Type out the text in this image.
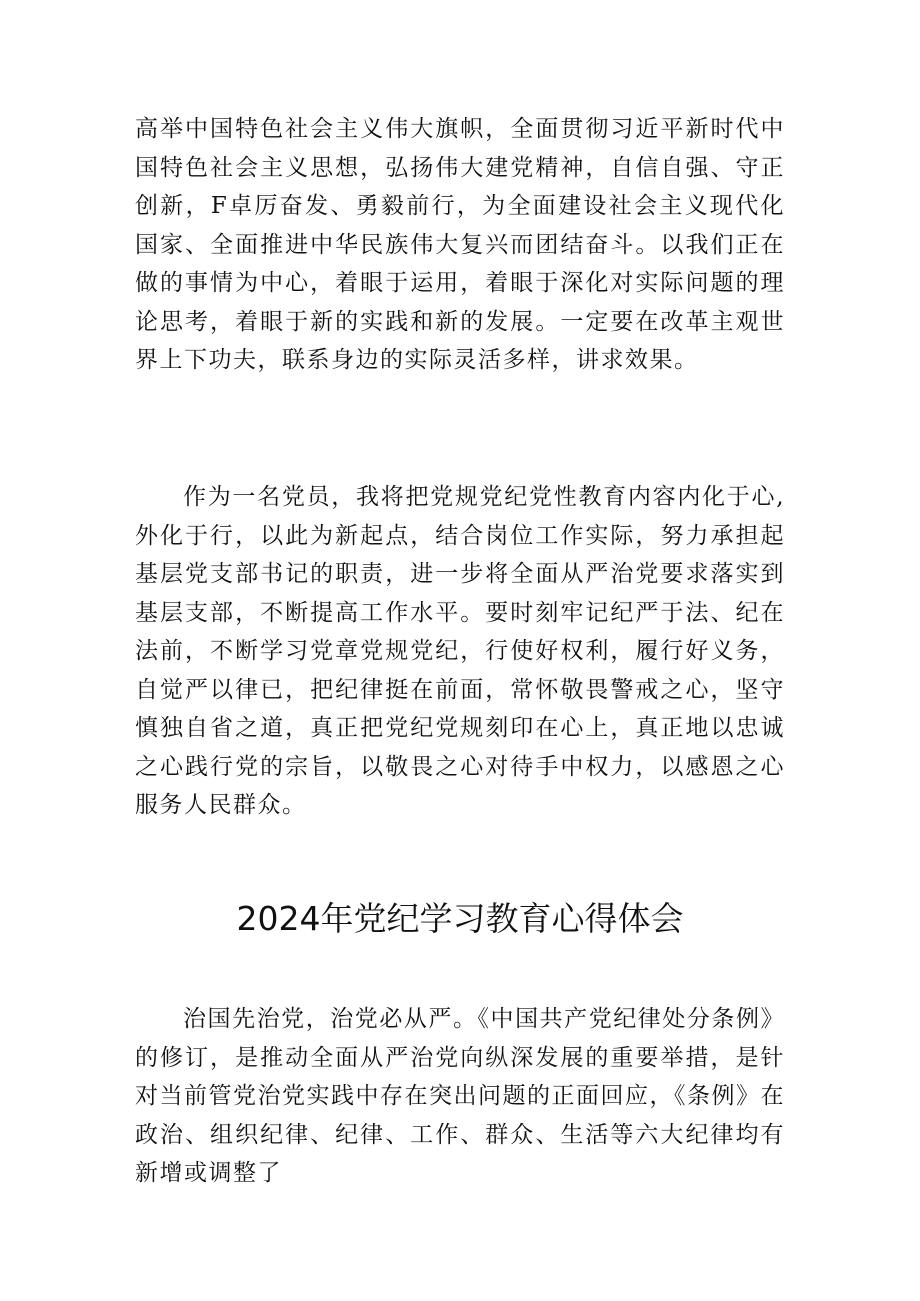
高举中国特色社会主义伟大旗帜，全面贯彻习近平新时代中国特色社会主义思想，弘扬伟大建党精神，自信自强、守正创新，F卓厉奋发、勇毅前行，为全面建设社会主义现代化国家、全面推进中华民族伟大复兴而团结奋斗。以我们正在做的事情为中心，着眼于运用，着眼于深化对实际问题的理论思考，着眼于新的实践和新的发展。一定要在改革主观世界上下功夫，联系身边的实际灵活多样，讲求效果。

作为一名党员，我将把党规党纪党性教育内容内化于心,外化于行，以此为新起点，结合岗位工作实际，努力承担起基层党支部书记的职责，进一步将全面从严治党要求落实到基层支部，不断提高工作水平。要时刻牢记纪严于法、纪在法前，不断学习党章党规党纪，行使好权利，履行好义务，自觉严以律已，把纪律挺在前面，常怀敬畏警戒之心，坚守慎独自省之道，真正把党纪党规刻印在心上，真正地以忠诚之心践行党的宗旨，以敬畏之心对待手中权力，以感恩之心服务人民群众。

2024年党纪学习教育心得体会

治国先治党，治党必从严。《中国共产党纪律处分条例》的修订，是推动全面从严治党向纵深发展的重要举措，是针对当前管党治党实践中存在突出问题的正面回应，《条例》在政治、组织纪律、纪律、工作、群众、生活等六大纪律均有新增或调整了
